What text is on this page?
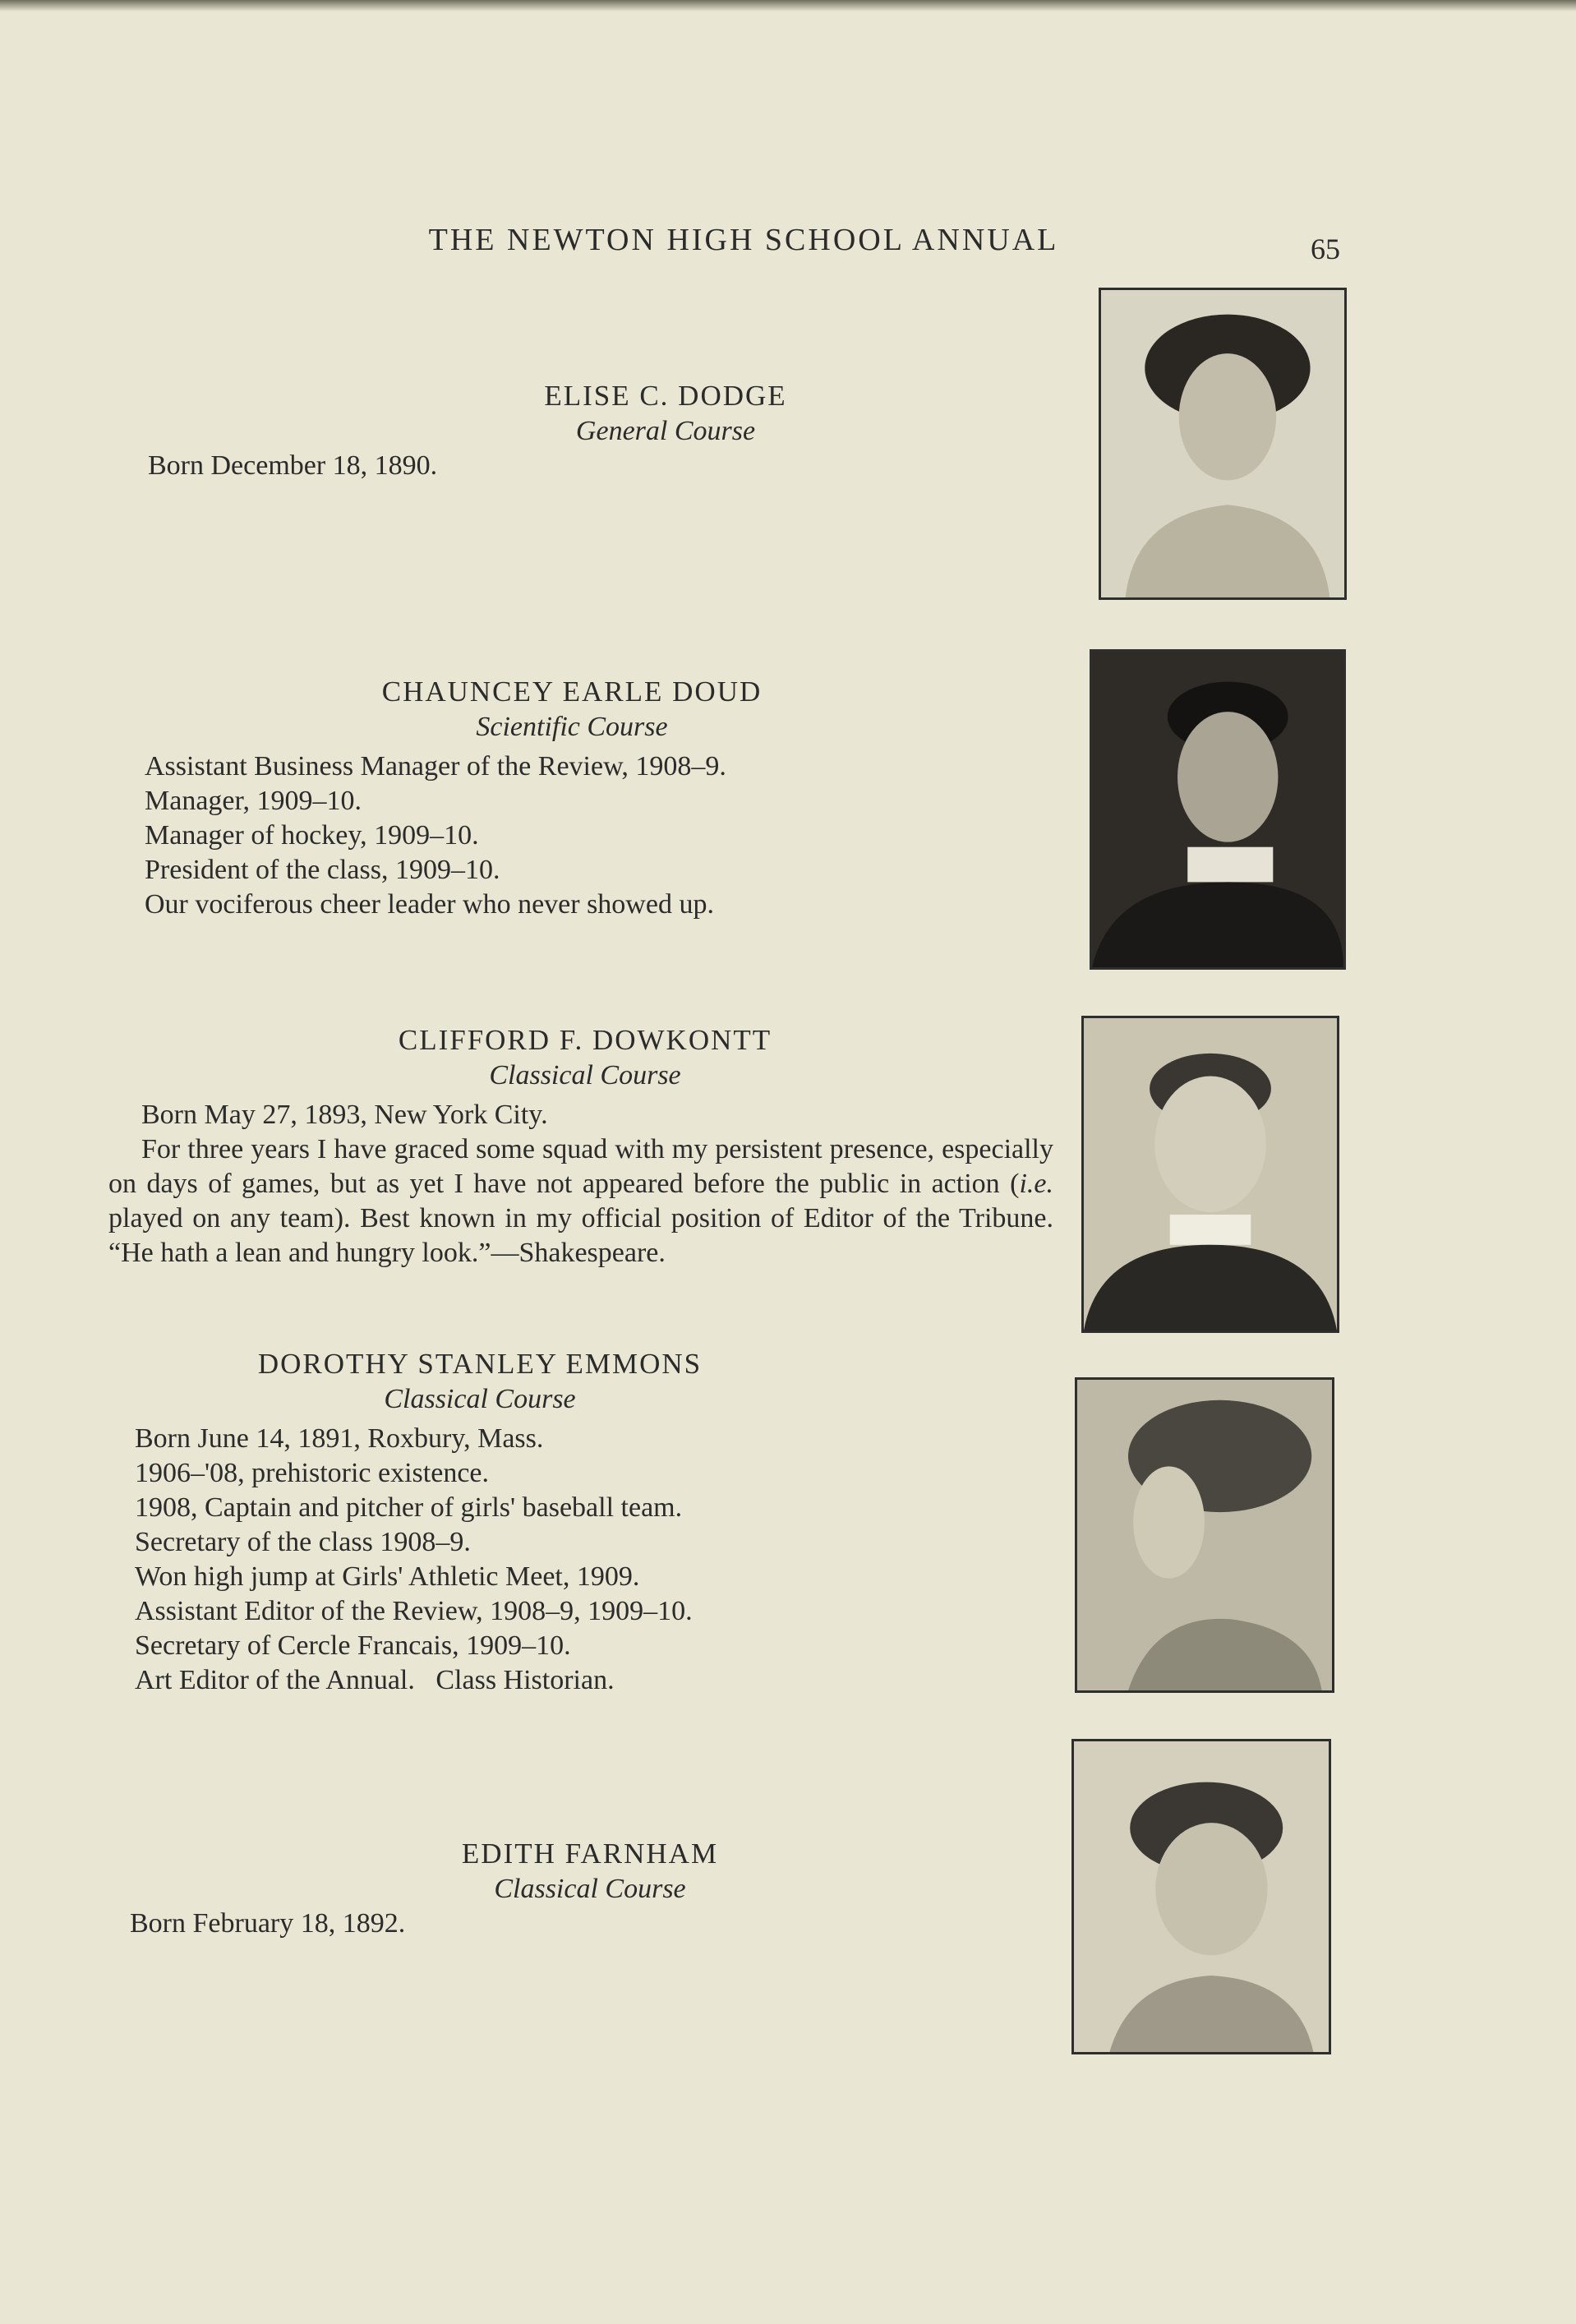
THE NEWTON HIGH SCHOOL ANNUAL	65

ELISE C. DODGE

General Course

Born December 18, 1890.

CHAUNCEY EARLE DOUD

Scientific Course

Assistant Business Manager of the Review, 1908–9.

Manager, 1909–10.

Manager of hockey, 1909–10.

President of the class, 1909–10.

Our vociferous cheer leader who never showed up.

CLIFFORD F. DOWKONTT

Classical Course

Born May 27, 1893, New York City.

For three years I have graced some squad with my persistent presence, especially on days of games, but as yet I have not appeared before the public in action (i.e. played on any team). Best known in my official position of Editor of the Tribune. “He hath a lean and hungry look.”—Shakespeare.

DOROTHY STANLEY EMMONS

Classical Course

Born June 14, 1891, Roxbury, Mass.

1906–'08, prehistoric existence.

1908, Captain and pitcher of girls' baseball team.

Secretary of the class 1908–9.

Won high jump at Girls' Athletic Meet, 1909.

Assistant Editor of the Review, 1908–9, 1909–10.

Secretary of Cercle Francais, 1909–10.

Art Editor of the Annual.   Class Historian.

EDITH FARNHAM

Classical Course

Born February 18, 1892.
